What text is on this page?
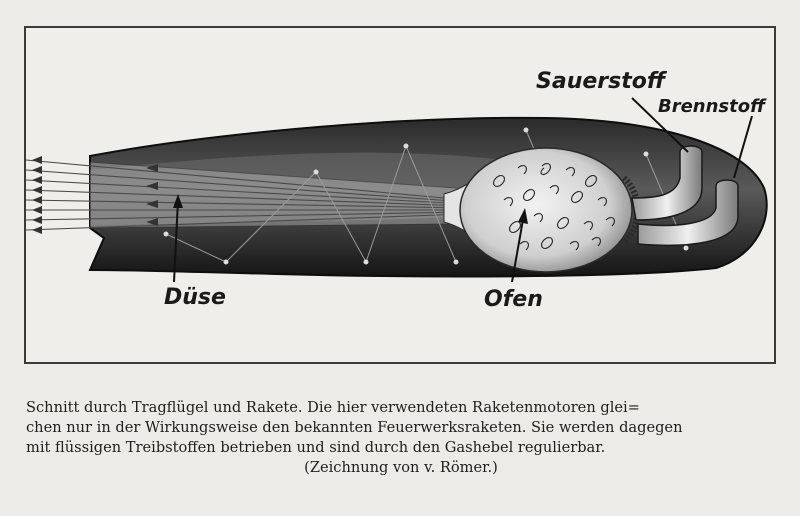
Sauerstoff
Brennstoff
Düse	Ofen
Schnitt durch Tragflügel und Rakete. Die hier verwendeten Raketenmotoren glei=
chen nur in der Wirkungsweise den bekannten Feuerwerksraketen. Sie werden dagegen
mit flüssigen Treibstoffen betrieben und sind durch den Gashebel regulierbar.
(Zeichnung von v. Römer.)
